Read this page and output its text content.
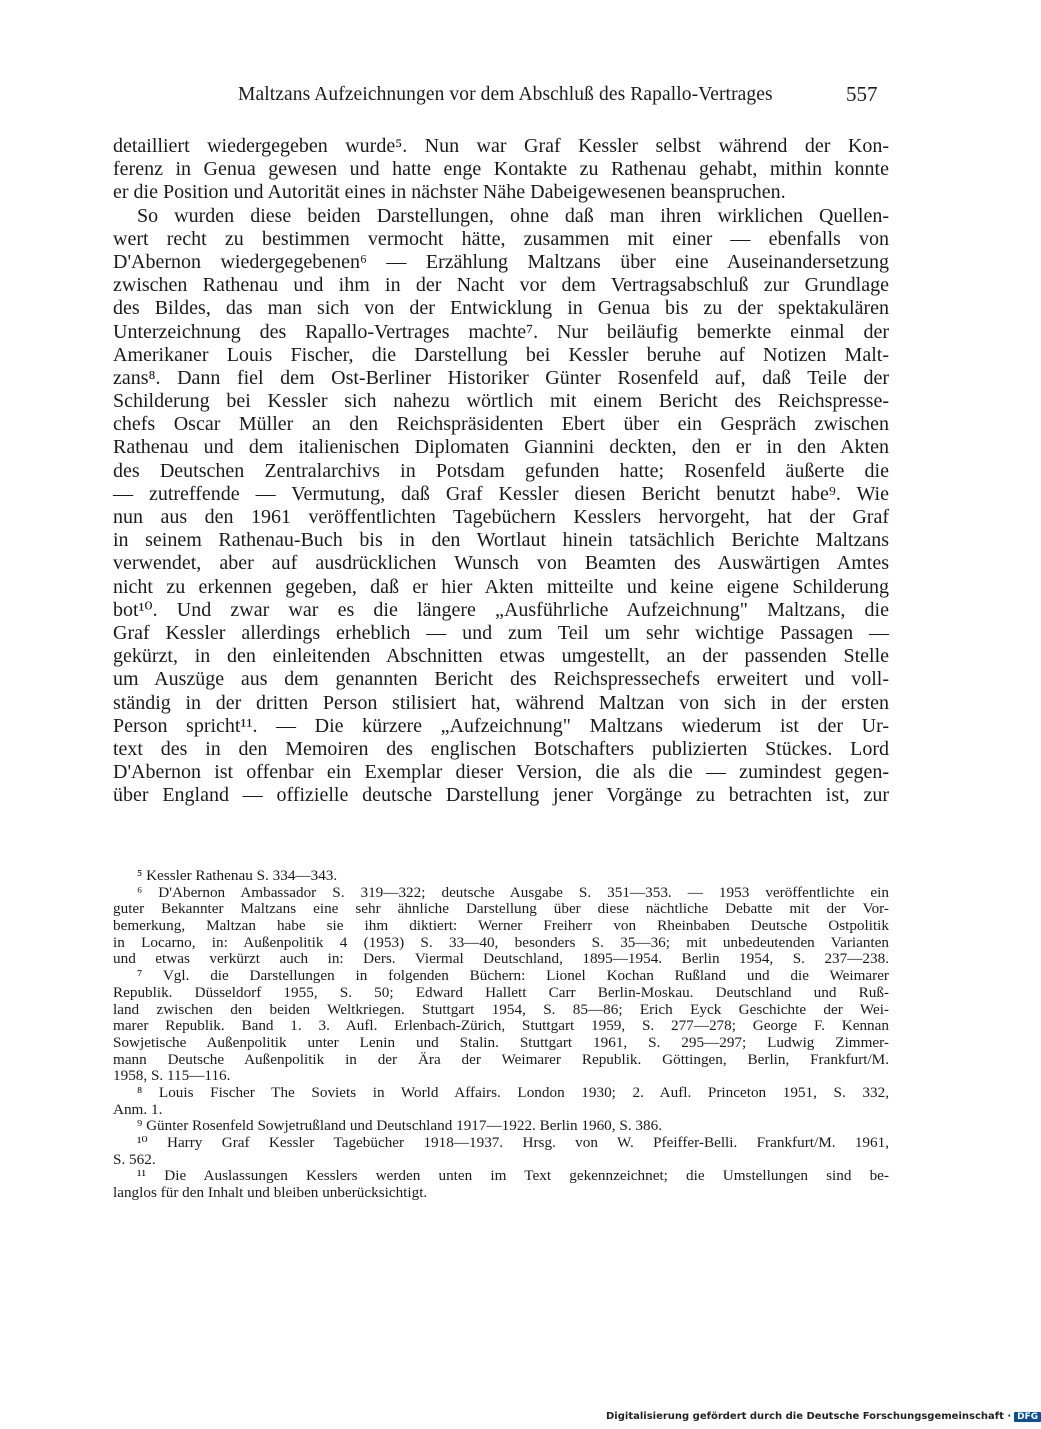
Maltzans Aufzeichnungen vor dem Abschluß des Rapallo-Vertrages	557
detailliert wiedergegeben wurde⁵. Nun war Graf Kessler selbst während der Kon-
ferenz in Genua gewesen und hatte enge Kontakte zu Rathenau gehabt, mithin konnte
er die Position und Autorität eines in nächster Nähe Dabeigewesenen beanspruchen.
So wurden diese beiden Darstellungen, ohne daß man ihren wirklichen Quellen-
wert recht zu bestimmen vermocht hätte, zusammen mit einer — ebenfalls von
D'Abernon wiedergegebenen⁶ — Erzählung Maltzans über eine Auseinandersetzung
zwischen Rathenau und ihm in der Nacht vor dem Vertragsabschluß zur Grundlage
des Bildes, das man sich von der Entwicklung in Genua bis zu der spektakulären
Unterzeichnung des Rapallo-Vertrages machte⁷. Nur beiläufig bemerkte einmal der
Amerikaner Louis Fischer, die Darstellung bei Kessler beruhe auf Notizen Malt-
zans⁸. Dann fiel dem Ost-Berliner Historiker Günter Rosenfeld auf, daß Teile der
Schilderung bei Kessler sich nahezu wörtlich mit einem Bericht des Reichspresse-
chefs Oscar Müller an den Reichspräsidenten Ebert über ein Gespräch zwischen
Rathenau und dem italienischen Diplomaten Giannini deckten, den er in den Akten
des Deutschen Zentralarchivs in Potsdam gefunden hatte; Rosenfeld äußerte die
— zutreffende — Vermutung, daß Graf Kessler diesen Bericht benutzt habe⁹. Wie
nun aus den 1961 veröffentlichten Tagebüchern Kesslers hervorgeht, hat der Graf
in seinem Rathenau-Buch bis in den Wortlaut hinein tatsächlich Berichte Maltzans
verwendet, aber auf ausdrücklichen Wunsch von Beamten des Auswärtigen Amtes
nicht zu erkennen gegeben, daß er hier Akten mitteilte und keine eigene Schilderung
bot¹⁰. Und zwar war es die längere „Ausführliche Aufzeichnung" Maltzans, die
Graf Kessler allerdings erheblich — und zum Teil um sehr wichtige Passagen —
gekürzt, in den einleitenden Abschnitten etwas umgestellt, an der passenden Stelle
um Auszüge aus dem genannten Bericht des Reichspressechefs erweitert und voll-
ständig in der dritten Person stilisiert hat, während Maltzan von sich in der ersten
Person spricht¹¹. — Die kürzere „Aufzeichnung" Maltzans wiederum ist der Ur-
text des in den Memoiren des englischen Botschafters publizierten Stückes. Lord
D'Abernon ist offenbar ein Exemplar dieser Version, die als die — zumindest gegen-
über England — offizielle deutsche Darstellung jener Vorgänge zu betrachten ist, zur
⁵ Kessler Rathenau S. 334—343.
⁶ D'Abernon Ambassador S. 319—322; deutsche Ausgabe S. 351—353. — 1953 veröffentlichte ein
guter Bekannter Maltzans eine sehr ähnliche Darstellung über diese nächtliche Debatte mit der Vor-
bemerkung, Maltzan habe sie ihm diktiert: Werner Freiherr von Rheinbaben Deutsche Ostpolitik
in Locarno, in: Außenpolitik 4 (1953) S. 33—40, besonders S. 35—36; mit unbedeutenden Varianten
und etwas verkürzt auch in: Ders. Viermal Deutschland, 1895—1954. Berlin 1954, S. 237—238.
⁷ Vgl. die Darstellungen in folgenden Büchern: Lionel Kochan Rußland und die Weimarer
Republik. Düsseldorf 1955, S. 50; Edward Hallett Carr Berlin-Moskau. Deutschland und Ruß-
land zwischen den beiden Weltkriegen. Stuttgart 1954, S. 85—86; Erich Eyck Geschichte der Wei-
marer Republik. Band 1. 3. Aufl. Erlenbach-Zürich, Stuttgart 1959, S. 277—278; George F. Kennan
Sowjetische Außenpolitik unter Lenin und Stalin. Stuttgart 1961, S. 295—297; Ludwig Zimmer-
mann Deutsche Außenpolitik in der Ära der Weimarer Republik. Göttingen, Berlin, Frankfurt/M.
1958, S. 115—116.
⁸ Louis Fischer The Soviets in World Affairs. London 1930; 2. Aufl. Princeton 1951, S. 332,
Anm. 1.
⁹ Günter Rosenfeld Sowjetrußland und Deutschland 1917—1922. Berlin 1960, S. 386.
¹⁰ Harry Graf Kessler Tagebücher 1918—1937. Hrsg. von W. Pfeiffer-Belli. Frankfurt/M. 1961,
S. 562.
¹¹ Die Auslassungen Kesslers werden unten im Text gekennzeichnet; die Umstellungen sind be-
langlos für den Inhalt und bleiben unberücksichtigt.
Digitalisierung gefördert durch die Deutsche Forschungsgemeinschaft · DFG
